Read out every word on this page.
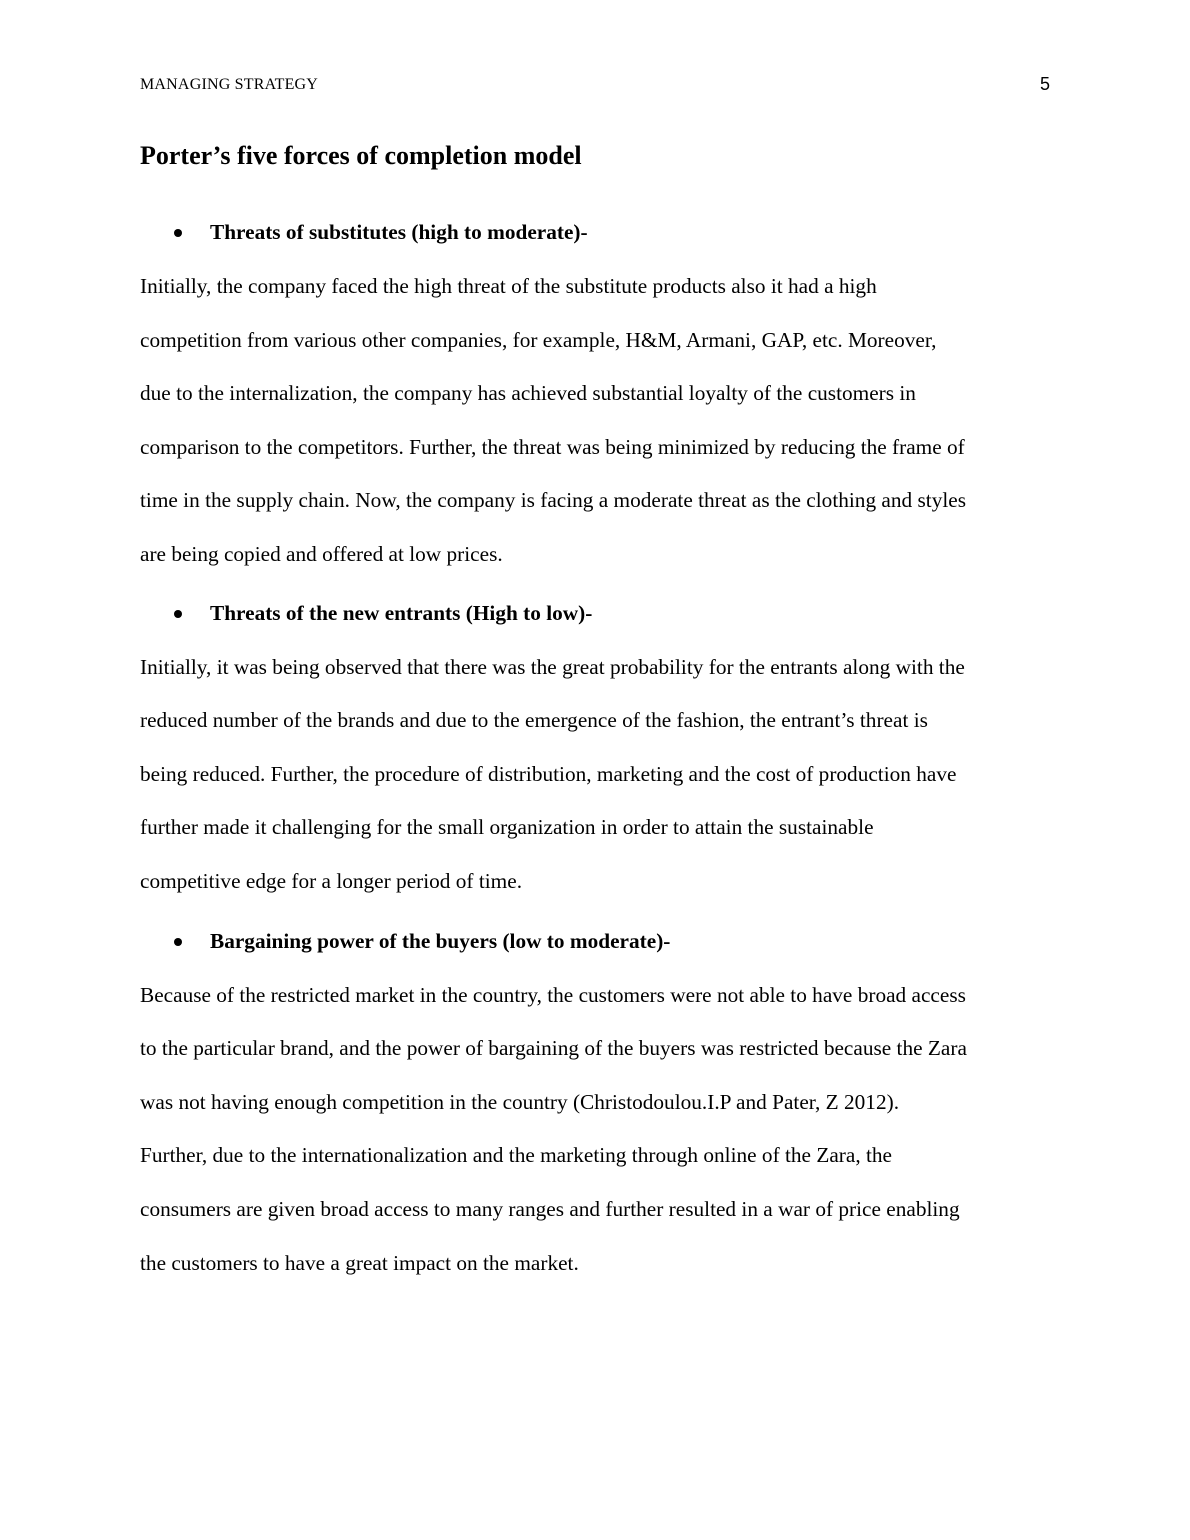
MANAGING STRATEGY	5
Porter’s five forces of completion model
Threats of substitutes (high to moderate)-

Initially, the company faced the high threat of the substitute products also it had a high
competition from various other companies, for example, H&M, Armani, GAP, etc. Moreover,
due to the internalization, the company has achieved substantial loyalty of the customers in
comparison to the competitors. Further, the threat was being minimized by reducing the frame of
time in the supply chain. Now, the company is facing a moderate threat as the clothing and styles
are being copied and offered at low prices.

Threats of the new entrants (High to low)-

Initially, it was being observed that there was the great probability for the entrants along with the
reduced number of the brands and due to the emergence of the fashion, the entrant’s threat is
being reduced. Further, the procedure of distribution, marketing and the cost of production have
further made it challenging for the small organization in order to attain the sustainable
competitive edge for a longer period of time.

Bargaining power of the buyers (low to moderate)-

Because of the restricted market in the country, the customers were not able to have broad access
to the particular brand, and the power of bargaining of the buyers was restricted because the Zara
was not having enough competition in the country (Christodoulou.I.P and Pater, Z 2012).
Further, due to the internationalization and the marketing through online of the Zara, the
consumers are given broad access to many ranges and further resulted in a war of price enabling
the customers to have a great impact on the market.
